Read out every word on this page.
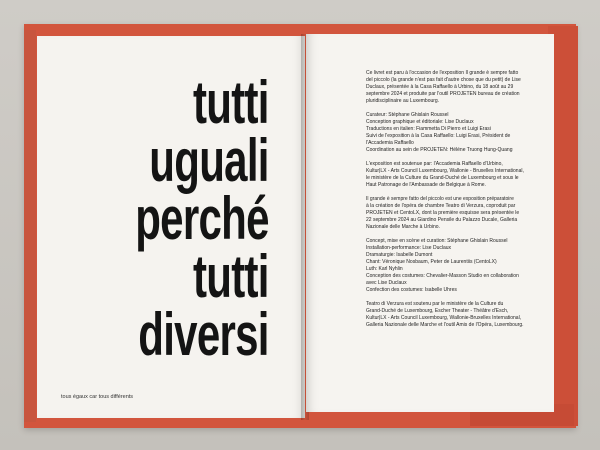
tutti
uguali
perché
tutti
diversi
tous égaux car tous différents

Ce livret est paru à l'occasion de l'exposition Il grande è sempre fatto
del piccolo (la grande n'est pas fait d'autre chose que du petit) de Lise
Duclaux, présentée à la Casa Raffaello à Urbino, du 18 août au 29
septembre 2024 et produite par l'outil PROJETEN bureau de création
pluridisciplinaire au Luxembourg.

Curateur: Stéphane Ghislain Roussel
Conception graphique et éditoriale: Lise Duclaux
Traductions en italien: Fiammetta Di Pierro et Luigi Erasi
Suivi de l'exposition à la Casa Raffaello: Luigi Erasi, Président de
l'Accademia Raffaello
Coordination au sein de PROJETEN: Héléne Truong Hung-Quang

L'exposition est soutenue par: l'Accademia Raffaello d'Urbino,
Kultur|LX - Arts Council Luxembourg, Wallonie - Bruxelles International,
le ministère de la Culture du Grand-Duché de Luxembourg et sous le
Haut Patronage de l'Ambassade de Belgique à Rome.

Il grande è sempre fatto del piccolo est une exposition préparatoire
à la création de l'opéra de chambre Teatro di Verzura, coproduit par
PROJETEN et CentoLX, dont la première esquisse sera présentée le
22 septembre 2024 au Giardino Pensile du Palazzo Ducale, Galleria
Nazionale delle Marche à Urbino.

Concept, mise en scène et curation: Stéphane Ghislain Roussel
Installation-performance: Lise Duclaux
Dramaturgie: Isabelle Dumont
Chant: Véronique Nosbaum, Peter de Laurentiis (CentoLX)
Luth: Karl Nyhlin
Conception des costumes: Chevalier-Masson Studio en collaboration
avec Lise Duclaux
Confection des costumes: Isabelle Uhres

Teatro di Verzura est soutenu par le ministère de la Culture du
Grand-Duché de Luxembourg, Escher Theater - Théâtre d'Esch,
Kultur|LX - Arts Council Luxembourg, Wallonie-Bruxelles International,
Galleria Nazionale delle Marche et l'outil Amis de l'Opéra, Luxembourg.
